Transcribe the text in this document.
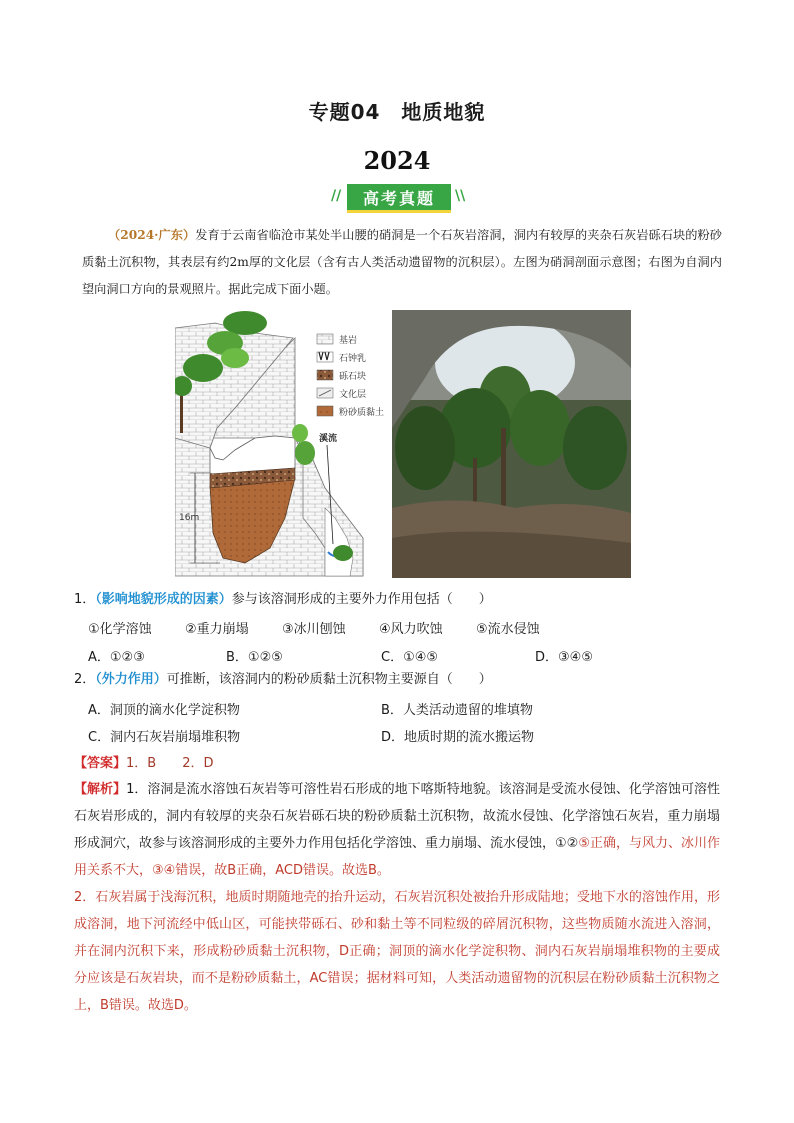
专题04　地质地貌
2024
//	高考真题	\\
（2024·广东）发育于云南省临沧市某处半山腰的硝洞是一个石灰岩溶洞，洞内有较厚的夹杂石灰岩砾石块的粉砂质黏土沉积物，其表层有约2m厚的文化层（含有古人类活动遗留物的沉积层）。左图为硝洞剖面示意图；右图为自洞内望向洞口方向的景观照片。据此完成下面小题。
16m
溪流
基岩
石钟乳
砾石块
文化层
粉砂质黏土
1．（影响地貌形成的因素）参与该溶洞形成的主要外力作用包括（　　）
①化学溶蚀	②重力崩塌	③冰川刨蚀	④风力吹蚀	⑤流水侵蚀
A．①②③	B．①②⑤	C．①④⑤	D．③④⑤
2．（外力作用）可推断，该溶洞内的粉砂质黏土沉积物主要源自（　　）
A．洞顶的滴水化学淀积物	B．人类活动遗留的堆填物
C．洞内石灰岩崩塌堆积物	D．地质时期的流水搬运物
【答案】1．B　　2．D
【解析】1．溶洞是流水溶蚀石灰岩等可溶性岩石形成的地下喀斯特地貌。该溶洞是受流水侵蚀、化学溶蚀可溶性石灰岩形成的，洞内有较厚的夹杂石灰岩砾石块的粉砂质黏土沉积物，故流水侵蚀、化学溶蚀石灰岩，重力崩塌形成洞穴，故参与该溶洞形成的主要外力作用包括化学溶蚀、重力崩塌、流水侵蚀，①②⑤正确，与风力、冰川作用关系不大，③④错误，故B正确，ACD错误。故选B。
2．石灰岩属于浅海沉积，地质时期随地壳的抬升运动，石灰岩沉积处被抬升形成陆地；受地下水的溶蚀作用，形成溶洞，地下河流经中低山区，可能挟带砾石、砂和黏土等不同粒级的碎屑沉积物，这些物质随水流进入溶洞，并在洞内沉积下来，形成粉砂质黏土沉积物，D正确；洞顶的滴水化学淀积物、洞内石灰岩崩塌堆积物的主要成分应该是石灰岩块，而不是粉砂质黏土，AC错误；据材料可知，人类活动遗留物的沉积层在粉砂质黏土沉积物之上，B错误。故选D。
